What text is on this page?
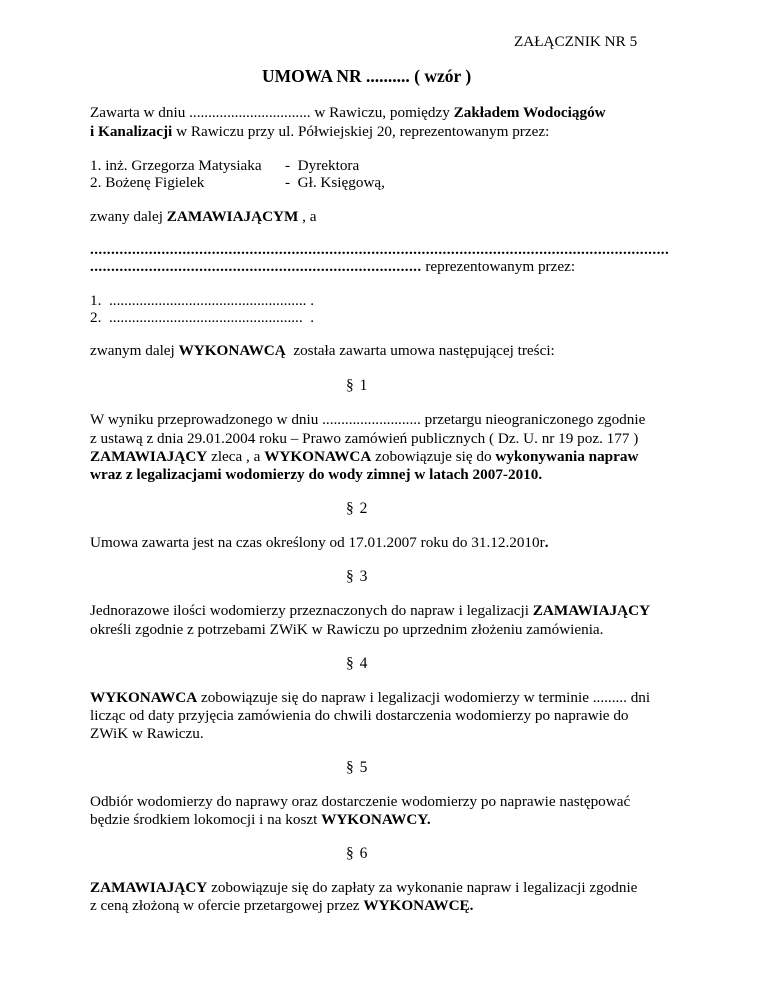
ZAŁĄCZNIK NR 5
UMOWA NR .......... ( wzór )
Zawarta w dniu ................................ w Rawiczu, pomiędzy Zakładem Wodociągów
i Kanalizacji w Rawiczu przy ul. Półwiejskiej 20, reprezentowanym przez:
1. inż. Grzegorza Matysiaka -  Dyrektora
2. Bożenę Figielek	-  Gł. Księgową,
zwany dalej ZAMAWIAJĄCYM , a
..........................................................................................................................................
............................................................................... reprezentowanym przez:
1.  .................................................... .
2.  ...................................................  .
zwanym dalej WYKONAWCĄ  została zawarta umowa następującej treści:
§ 1
W wyniku przeprowadzonego w dniu .......................... przetargu nieograniczonego zgodnie
z ustawą z dnia 29.01.2004 roku – Prawo zamówień publicznych ( Dz. U. nr 19 poz. 177 )
ZAMAWIAJĄCY zleca , a WYKONAWCA zobowiązuje się do wykonywania napraw
wraz z legalizacjami wodomierzy do wody zimnej w latach 2007-2010.
§ 2
Umowa zawarta jest na czas określony od 17.01.2007 roku do 31.12.2010r.
§ 3
Jednorazowe ilości wodomierzy przeznaczonych do napraw i legalizacji ZAMAWIAJĄCY
określi zgodnie z potrzebami ZWiK w Rawiczu po uprzednim złożeniu zamówienia.
§ 4
WYKONAWCA zobowiązuje się do napraw i legalizacji wodomierzy w terminie ......... dni
licząc od daty przyjęcia zamówienia do chwili dostarczenia wodomierzy po naprawie do
ZWiK w Rawiczu.
§ 5
Odbiór wodomierzy do naprawy oraz dostarczenie wodomierzy po naprawie następować
będzie środkiem lokomocji i na koszt WYKONAWCY.
§ 6
ZAMAWIAJĄCY zobowiązuje się do zapłaty za wykonanie napraw i legalizacji zgodnie
z ceną złożoną w ofercie przetargowej przez WYKONAWCĘ.
